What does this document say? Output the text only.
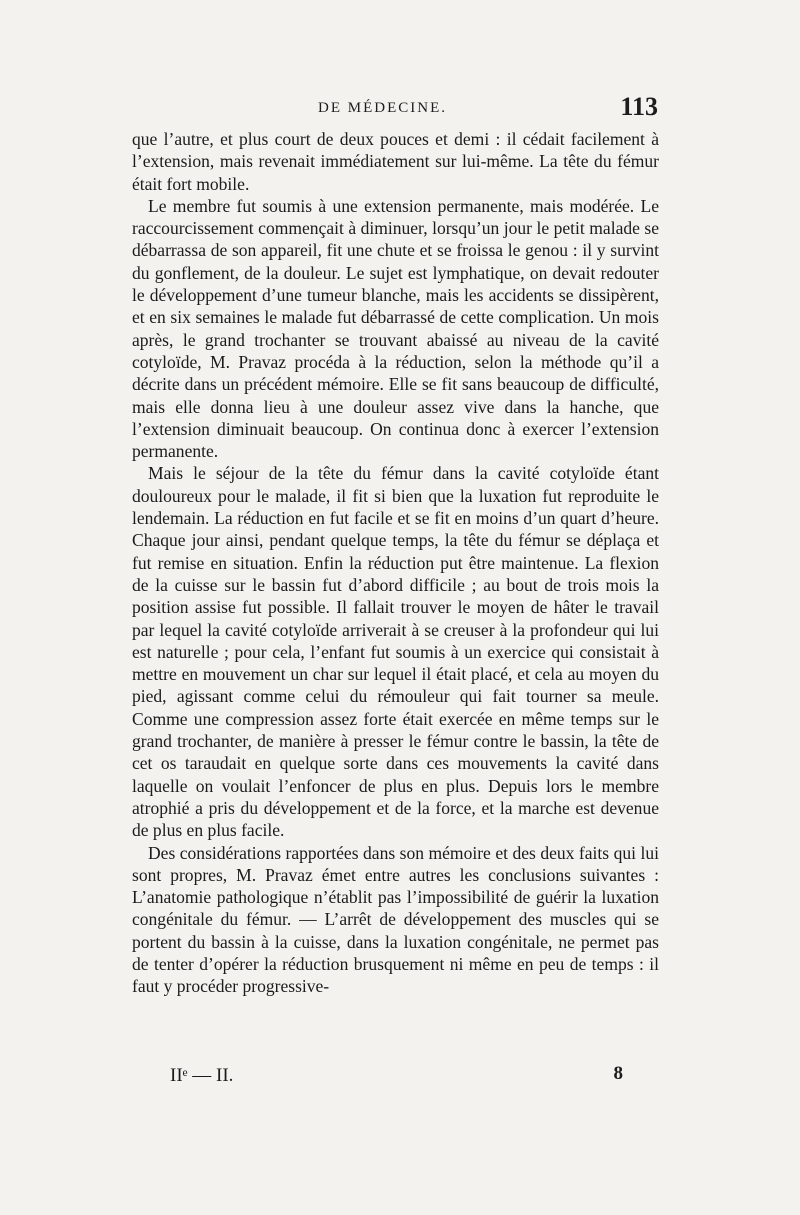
DE MÉDECINE.	113

que l’autre, et plus court de deux pouces et demi : il cédait facilement à l’extension, mais revenait immédiatement sur lui-même. La tête du fémur était fort mobile.

Le membre fut soumis à une extension permanente, mais modérée. Le raccourcissement commençait à diminuer, lorsqu’un jour le petit malade se débarrassa de son appareil, fit une chute et se froissa le genou : il y survint du gonflement, de la douleur. Le sujet est lymphatique, on devait redouter le développement d’une tumeur blanche, mais les accidents se dissipèrent, et en six semaines le malade fut débarrassé de cette complication. Un mois après, le grand trochanter se trouvant abaissé au niveau de la cavité cotyloïde, M. Pravaz procéda à la réduction, selon la méthode qu’il a décrite dans un précédent mémoire. Elle se fit sans beaucoup de difficulté, mais elle donna lieu à une douleur assez vive dans la hanche, que l’extension diminuait beaucoup. On continua donc à exercer l’extension permanente.

Mais le séjour de la tête du fémur dans la cavité cotyloïde étant douloureux pour le malade, il fit si bien que la luxation fut reproduite le lendemain. La réduction en fut facile et se fit en moins d’un quart d’heure. Chaque jour ainsi, pendant quelque temps, la tête du fémur se déplaça et fut remise en situation. Enfin la réduction put être maintenue. La flexion de la cuisse sur le bassin fut d’abord difficile ; au bout de trois mois la position assise fut possible. Il fallait trouver le moyen de hâter le travail par lequel la cavité cotyloïde arriverait à se creuser à la profondeur qui lui est naturelle ; pour cela, l’enfant fut soumis à un exercice qui consistait à mettre en mouvement un char sur lequel il était placé, et cela au moyen du pied, agissant comme celui du rémouleur qui fait tourner sa meule. Comme une compression assez forte était exercée en même temps sur le grand trochanter, de manière à presser le fémur contre le bassin, la tête de cet os taraudait en quelque sorte dans ces mouvements la cavité dans laquelle on voulait l’enfoncer de plus en plus. Depuis lors le membre atrophié a pris du développement et de la force, et la marche est devenue de plus en plus facile.

Des considérations rapportées dans son mémoire et des deux faits qui lui sont propres, M. Pravaz émet entre autres les conclusions suivantes : L’anatomie pathologique n’établit pas l’impossibilité de guérir la luxation congénitale du fémur. — L’arrêt de développement des muscles qui se portent du bassin à la cuisse, dans la luxation congénitale, ne permet pas de tenter d’opérer la réduction brusquement ni même en peu de temps : il faut y procéder progressive-

IIᵉ — II.	8
